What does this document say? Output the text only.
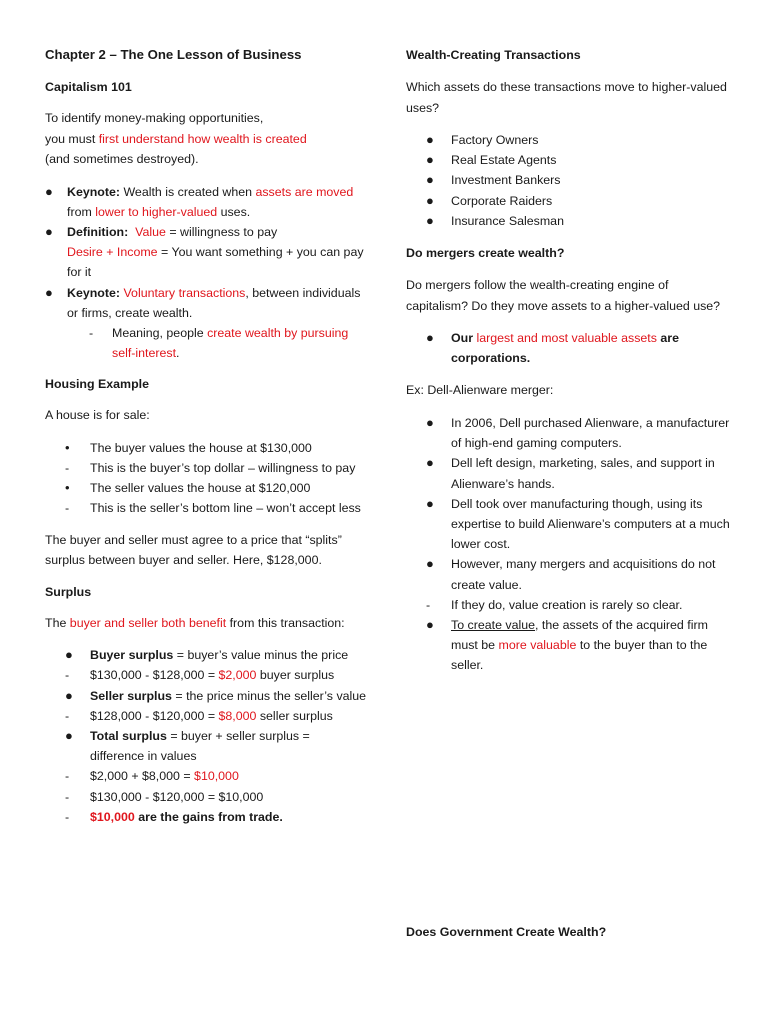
Chapter 2 – The One Lesson of Business
Capitalism 101

To identify money-making opportunities,
you must first understand how wealth is created
(and sometimes destroyed).

● Keynote: Wealth is created when assets are moved from lower to higher-valued uses.
● Definition: Value = willingness to pay
Desire + Income = You want something + you can pay for it
● Keynote: Voluntary transactions, between individuals or firms, create wealth.
- Meaning, people create wealth by pursuing self-interest.
Housing Example

A house is for sale:

• The buyer values the house at $130,000
- This is the buyer’s top dollar – willingness to pay
• The seller values the house at $120,000
- This is the seller’s bottom line – won’t accept less

The buyer and seller must agree to a price that “splits” surplus between buyer and seller. Here, $128,000.

Surplus

The buyer and seller both benefit from this transaction:

● Buyer surplus = buyer’s value minus the price
- $130,000 - $128,000 = $2,000 buyer surplus
● Seller surplus = the price minus the seller’s value
- $128,000 - $120,000 = $8,000 seller surplus
● Total surplus = buyer + seller surplus = difference in values
- $2,000 + $8,000 = $10,000
- $130,000 - $120,000 = $10,000
- $10,000 are the gains from trade.
Wealth-Creating Transactions

Which assets do these transactions move to higher-valued uses?

● Factory Owners
● Real Estate Agents
● Investment Bankers
● Corporate Raiders
● Insurance Salesman
Do mergers create wealth?

Do mergers follow the wealth-creating engine of capitalism? Do they move assets to a higher-valued use?

● Our largest and most valuable assets are corporations.

Ex: Dell-Alienware merger:

● In 2006, Dell purchased Alienware, a manufacturer of high-end gaming computers.
● Dell left design, marketing, sales, and support in Alienware’s hands.
● Dell took over manufacturing though, using its expertise to build Alienware’s computers at a much lower cost.
● However, many mergers and acquisitions do not create value.
- If they do, value creation is rarely so clear.
● To create value, the assets of the acquired firm must be more valuable to the buyer than to the seller.
Does Government Create Wealth?
